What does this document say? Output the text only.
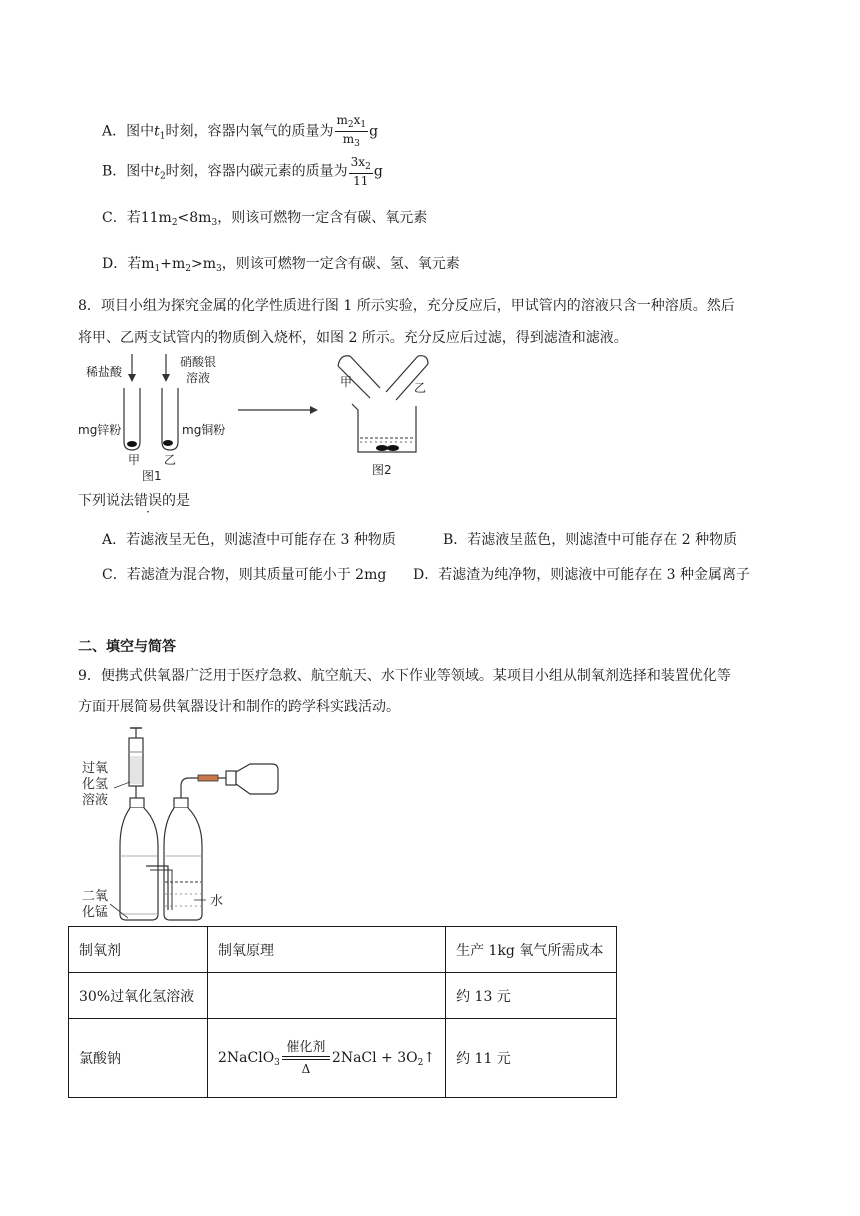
A．图中$t_1$时刻，容器内氧气的质量为 $\frac{m_2x_1}{m_3}$ g
B．图中$t_2$时刻，容器内碳元素的质量为 $\frac{3x_2}{11}$ g
C．若$11m_2<8m_3$，则该可燃物一定含有碳、氧元素
D．若$m_1+m_2>m_3$，则该可燃物一定含有碳、氢、氧元素
8．项目小组为探究金属的化学性质进行图 1 所示实验，充分反应后，甲试管内的溶液只含一种溶质。然后
将甲、乙两支试管内的物质倒入烧杯，如图 2 所示。充分反应后过滤，得到滤渣和滤液。
稀盐酸
硝酸银
溶液
mg锌粉	mg铜粉
甲 乙
图1
甲	乙
图2
下列说法错误的是
A．若滤液呈无色，则滤渣中可能存在 3 种物质	B．若滤液呈蓝色，则滤渣中可能存在 2 种物质
C．若滤渣为混合物，则其质量可能小于 2mg D．若滤渣为纯净物，则滤液中可能存在 3 种金属离子
二、填空与简答
9．便携式供氧器广泛用于医疗急救、航空航天、水下作业等领域。某项目小组从制氧剂选择和装置优化等
方面开展简易供氧器设计和制作的跨学科实践活动。
过氧
化氢
溶液
二氧
化锰
水
制氧剂	制氧原理	生产 1kg 氧气所需成本
30%过氧化氢溶液		约 13 元
氯酸钠	2NaClO$_3$
催化剂
Δ
2NaCl + $3O_2↑$	约 11 元
